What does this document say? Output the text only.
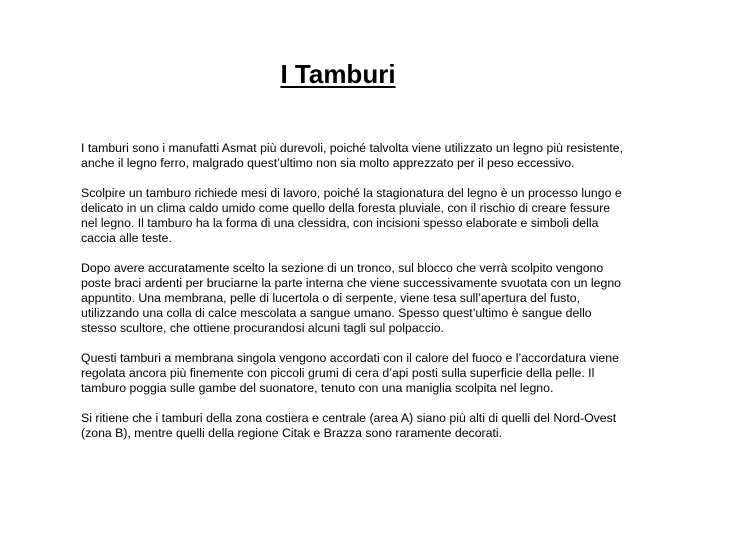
I Tamburi

I tamburi sono i manufatti Asmat più durevoli, poiché talvolta viene utilizzato un legno più resistente,
anche il legno ferro, malgrado quest’ultimo non sia molto apprezzato per il peso eccessivo.

Scolpire un tamburo richiede mesi di lavoro, poiché la stagionatura del legno è un processo lungo e
delicato in un clima caldo umido come quello della foresta pluviale, con il rischio di creare fessure
nel legno. Il tamburo ha la forma di una clessidra, con incisioni spesso elaborate e simboli della
caccia alle teste.

Dopo avere accuratamente scelto la sezione di un tronco, sul blocco che verrà scolpito vengono
poste braci ardenti per bruciarne la parte interna che viene successivamente svuotata con un legno
appuntito. Una membrana, pelle di lucertola o di serpente, viene tesa sull’apertura del fusto,
utilizzando una colla di calce mescolata a sangue umano. Spesso quest’ultimo è sangue dello
stesso scultore, che ottiene procurandosi alcuni tagli sul polpaccio.

Questi tamburi a membrana singola vengono accordati con il calore del fuoco e l’accordatura viene
regolata ancora più finemente con piccoli grumi di cera d’api posti sulla superficie della pelle. Il
tamburo poggia sulle gambe del suonatore, tenuto con una maniglia scolpita nel legno.

Si ritiene che i tamburi della zona costiera e centrale (area A) siano più alti di quelli del Nord-Ovest
(zona B), mentre quelli della regione Citak e Brazza sono raramente decorati.
